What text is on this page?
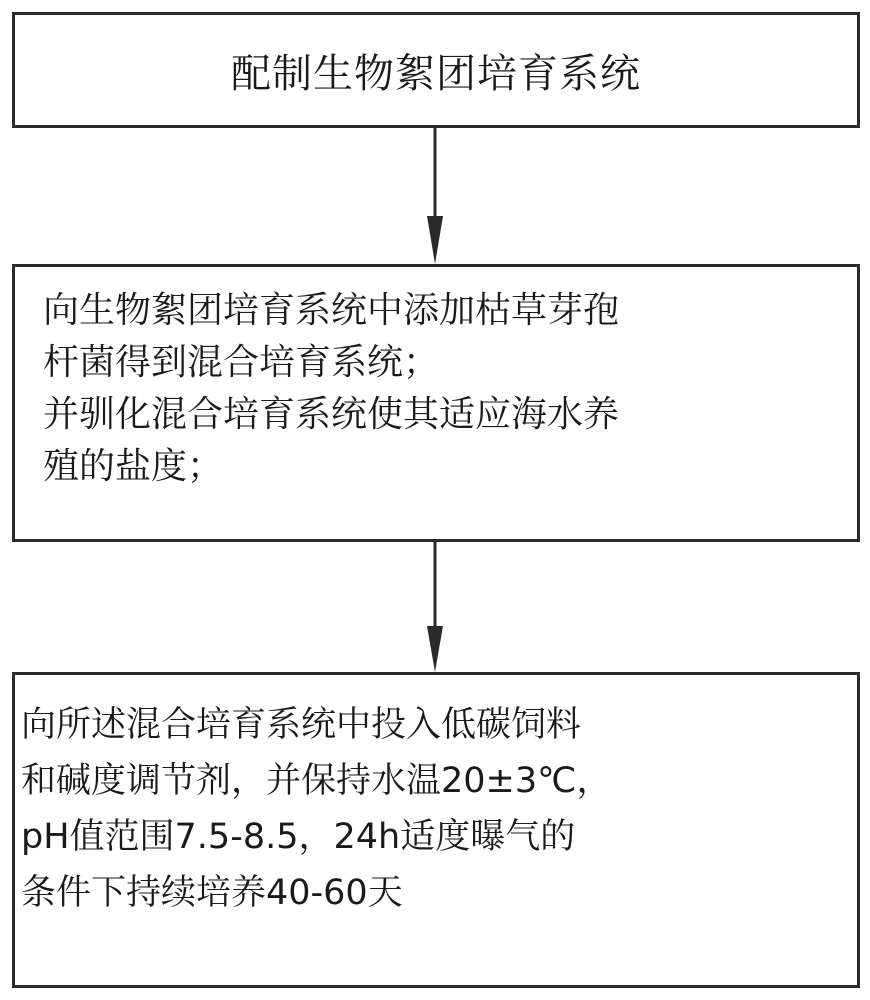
配制生物絮团培育系统
向生物絮团培育系统中添加枯草芽孢
杆菌得到混合培育系统；
并驯化混合培育系统使其适应海水养
殖的盐度；
向所述混合培育系统中投入低碳饲料
和碱度调节剂，并保持水温20±3℃，
pH值范围7.5-8.5，24h适度曝气的
条件下持续培养40-60天
